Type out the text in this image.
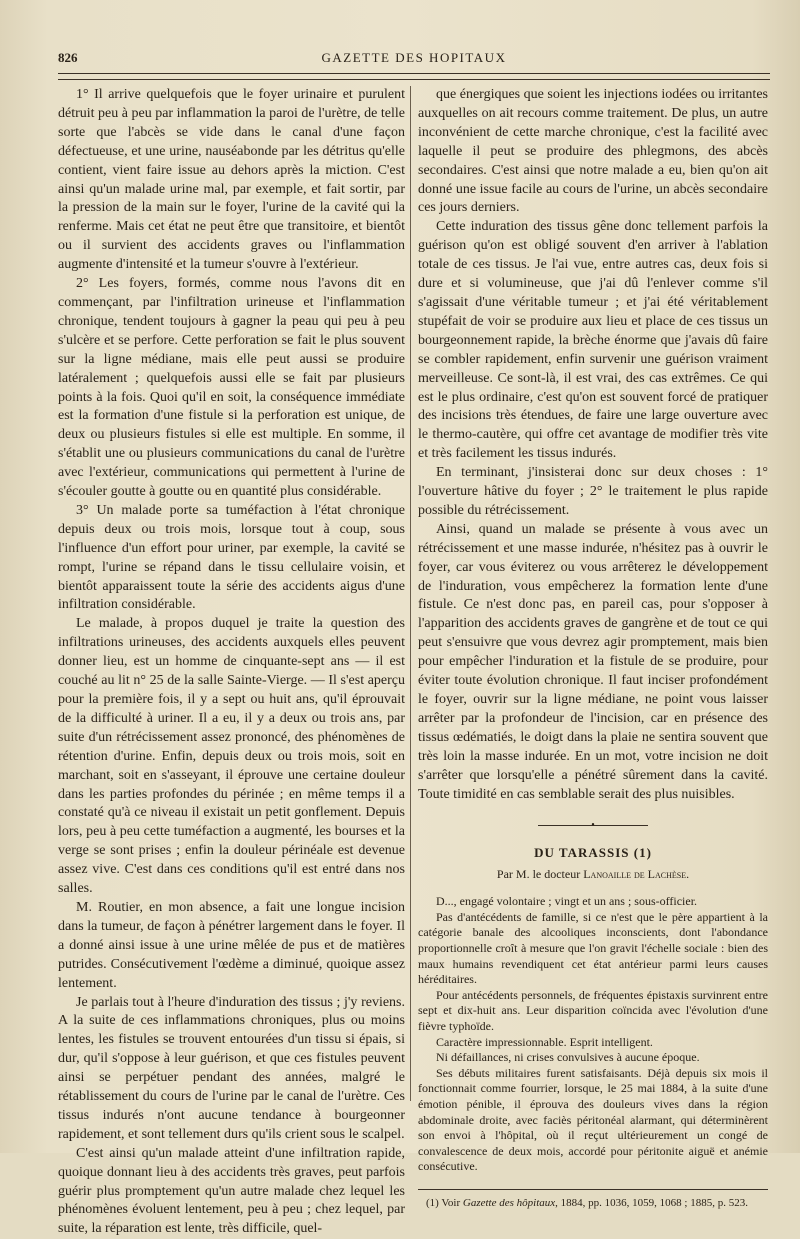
826	GAZETTE DES HOPITAUX

1° Il arrive quelquefois que le foyer urinaire et purulent détruit peu à peu par inflammation la paroi de l'urètre, de telle sorte que l'abcès se vide dans le canal d'une façon défectueuse, et une urine, nauséabonde par les détritus qu'elle contient, vient faire issue au dehors après la miction. C'est ainsi qu'un malade urine mal, par exemple, et fait sortir, par la pression de la main sur le foyer, l'urine de la cavité qui la renferme. Mais cet état ne peut être que transitoire, et bientôt ou il survient des accidents graves ou l'inflammation augmente d'intensité et la tumeur s'ouvre à l'extérieur.

2° Les foyers, formés, comme nous l'avons dit en commençant, par l'infiltration urineuse et l'inflammation chronique, tendent toujours à gagner la peau qui peu à peu s'ulcère et se perfore. Cette perforation se fait le plus souvent sur la ligne médiane, mais elle peut aussi se produire latéralement ; quelquefois aussi elle se fait par plusieurs points à la fois. Quoi qu'il en soit, la conséquence immédiate est la formation d'une fistule si la perforation est unique, de deux ou plusieurs fistules si elle est multiple. En somme, il s'établit une ou plusieurs communications du canal de l'urètre avec l'extérieur, communications qui permettent à l'urine de s'écouler goutte à goutte ou en quantité plus considérable.

3° Un malade porte sa tuméfaction à l'état chronique depuis deux ou trois mois, lorsque tout à coup, sous l'influence d'un effort pour uriner, par exemple, la cavité se rompt, l'urine se répand dans le tissu cellulaire voisin, et bientôt apparaissent toute la série des accidents aigus d'une infiltration considérable.

Le malade, à propos duquel je traite la question des infiltrations urineuses, des accidents auxquels elles peuvent donner lieu, est un homme de cinquante-sept ans — il est couché au lit n° 25 de la salle Sainte-Vierge. — Il s'est aperçu pour la première fois, il y a sept ou huit ans, qu'il éprouvait de la difficulté à uriner. Il a eu, il y a deux ou trois ans, par suite d'un rétrécissement assez prononcé, des phénomènes de rétention d'urine. Enfin, depuis deux ou trois mois, soit en marchant, soit en s'asseyant, il éprouve une certaine douleur dans les parties profondes du périnée ; en même temps il a constaté qu'à ce niveau il existait un petit gonflement. Depuis lors, peu à peu cette tuméfaction a augmenté, les bourses et la verge se sont prises ; enfin la douleur périnéale est devenue assez vive. C'est dans ces conditions qu'il est entré dans nos salles.

M. Routier, en mon absence, a fait une longue incision dans la tumeur, de façon à pénétrer largement dans le foyer. Il a donné ainsi issue à une urine mêlée de pus et de matières putrides. Consécutivement l'œdème a diminué, quoique assez lentement.

Je parlais tout à l'heure d'induration des tissus ; j'y reviens. A la suite de ces inflammations chroniques, plus ou moins lentes, les fistules se trouvent entourées d'un tissu si épais, si dur, qu'il s'oppose à leur guérison, et que ces fistules peuvent ainsi se perpétuer pendant des années, malgré le rétablissement du cours de l'urine par le canal de l'urètre. Ces tissus indurés n'ont aucune tendance à bourgeonner rapidement, et sont tellement durs qu'ils crient sous le scalpel.

C'est ainsi qu'un malade atteint d'une infiltration rapide, quoique donnant lieu à des accidents très graves, peut parfois guérir plus promptement qu'un autre malade chez lequel les phénomènes évoluent lentement, peu à peu ; chez lequel, par suite, la réparation est lente, très difficile, quel-

que énergiques que soient les injections iodées ou irritantes auxquelles on ait recours comme traitement. De plus, un autre inconvénient de cette marche chronique, c'est la facilité avec laquelle il peut se produire des phlegmons, des abcès secondaires. C'est ainsi que notre malade a eu, bien qu'on ait donné une issue facile au cours de l'urine, un abcès secondaire ces jours derniers.

Cette induration des tissus gêne donc tellement parfois la guérison qu'on est obligé souvent d'en arriver à l'ablation totale de ces tissus. Je l'ai vue, entre autres cas, deux fois si dure et si volumineuse, que j'ai dû l'enlever comme s'il s'agissait d'une véritable tumeur ; et j'ai été véritablement stupéfait de voir se produire aux lieu et place de ces tissus un bourgeonnement rapide, la brèche énorme que j'avais dû faire se combler rapidement, enfin survenir une guérison vraiment merveilleuse. Ce sont-là, il est vrai, des cas extrêmes. Ce qui est le plus ordinaire, c'est qu'on est souvent forcé de pratiquer des incisions très étendues, de faire une large ouverture avec le thermo-cautère, qui offre cet avantage de modifier très vite et très facilement les tissus indurés.

En terminant, j'insisterai donc sur deux choses : 1° l'ouverture hâtive du foyer ; 2° le traitement le plus rapide possible du rétrécissement.

Ainsi, quand un malade se présente à vous avec un rétrécissement et une masse indurée, n'hésitez pas à ouvrir le foyer, car vous éviterez ou vous arrêterez le développement de l'induration, vous empêcherez la formation lente d'une fistule. Ce n'est donc pas, en pareil cas, pour s'opposer à l'apparition des accidents graves de gangrène et de tout ce qui peut s'ensuivre que vous devrez agir promptement, mais bien pour empêcher l'induration et la fistule de se produire, pour éviter toute évolution chronique. Il faut inciser profondément le foyer, ouvrir sur la ligne médiane, ne point vous laisser arrêter par la profondeur de l'incision, car en présence des tissus œdématiés, le doigt dans la plaie ne sentira souvent que très loin la masse indurée. En un mot, votre incision ne doit s'arrêter que lorsqu'elle a pénétré sûrement dans la cavité. Toute timidité en cas semblable serait des plus nuisibles.

•
DU TARASSIS (1)
Par M. le docteur Lanoaille de Lachèse.

D..., engagé volontaire ; vingt et un ans ; sous-officier.

Pas d'antécédents de famille, si ce n'est que le père appartient à la catégorie banale des alcooliques inconscients, dont l'abondance proportionnelle croît à mesure que l'on gravit l'échelle sociale : bien des maux humains revendiquent cet état antérieur parmi leurs causes héréditaires.

Pour antécédents personnels, de fréquentes épistaxis survinrent entre sept et dix-huit ans. Leur disparition coïncida avec l'évolution d'une fièvre typhoïde.

Caractère impressionnable. Esprit intelligent.

Ni défaillances, ni crises convulsives à aucune époque.

Ses débuts militaires furent satisfaisants. Déjà depuis six mois il fonctionnait comme fourrier, lorsque, le 25 mai 1884, à la suite d'une émotion pénible, il éprouva des douleurs vives dans la région abdominale droite, avec faciès péritonéal alarmant, qui déterminèrent son envoi à l'hôpital, où il reçut ultérieurement un congé de convalescence de deux mois, accordé pour péritonite aiguë et anémie consécutive.

(1) Voir Gazette des hôpitaux, 1884, pp. 1036, 1059, 1068 ; 1885, p. 523.
